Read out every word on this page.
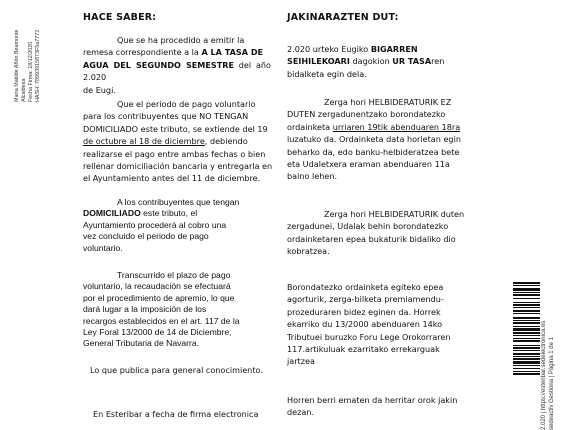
María Matilde Añón Beamonte Alcaldesa Fecha Firma: 18/12/2020 HASH: 78993915873F5a7772
HACE SABER:
Que se ha procedido a emitir la
remesa correspondiente a la A LA TASA DE
AGUA DEL SEGUNDO SEMESTRE del año 2.020
de Eugi.
Que el periodo de pago voluntario
para los contribuyentes que NO TENGAN
DOMICILIADO este tributo, se extiende del 19
de octubre al 18 de diciembre, debiendo
realizarse el pago entre ambas fechas o bien
rellenar domiciliación bancaria y entregarla en
el Ayuntamiento antes del 11 de diciembre.
A los contribuyentes que tengan
DOMICILIADO este tributo, el
Ayuntamiento procederá al cobro una
vez concluido el periodo de pago
voluntario.
Transcurrido el plazo de pago
voluntario, la recaudación se efectuará
por el procedimiento de apremio, lo que
dará lugar a la imposición de los
recargos establecidos en el art. 117 de la
Ley Foral 13/2000 de 14 de Diciembre,
General Tributaria de Navarra.
Lo que publica para general conocimiento.
En Esteribar a fecha de firma electronica
JAKINARAZTEN DUT:
2.020 urteko Eugiko BIGARREN
SEIHILEKOARI dagokion UR TASAren
bidalketa egin dela.
Zerga hori HELBIDERATURIK EZ
DUTEN zergadunentzako borondatezko
ordainketa urriaren 19tik abenduaren 18ra
luzatuko da. Ordainketa data horietan egin
beharko da, edo banku-helbideratzea bete
eta Udaletxera eraman abenduaren 11a
baino lehen.
Zerga hori HELBIDERATURIK duten
zergadunei, Udalak behin borondatezko
ordainketaren epea bukaturik bidaliko dio
kobratzea.
Borondatezko ordainketa egiteko epea
agorturik, zerga-bilketa premiamendu-
prozeduraren bidez eginen da. Horrek
ekarriko du 13/2000 abenduaren 14ko
Tributuei buruzko Foru Lege Orokorraren
117.artikuluak ezarritako errekarguak
jartzea
Horren berri ematen da herritar orok jakin
dezan.	2.020 | https://esteribar.sedelectronica.es sedeactiv Gestiona | Página 1 de 1
